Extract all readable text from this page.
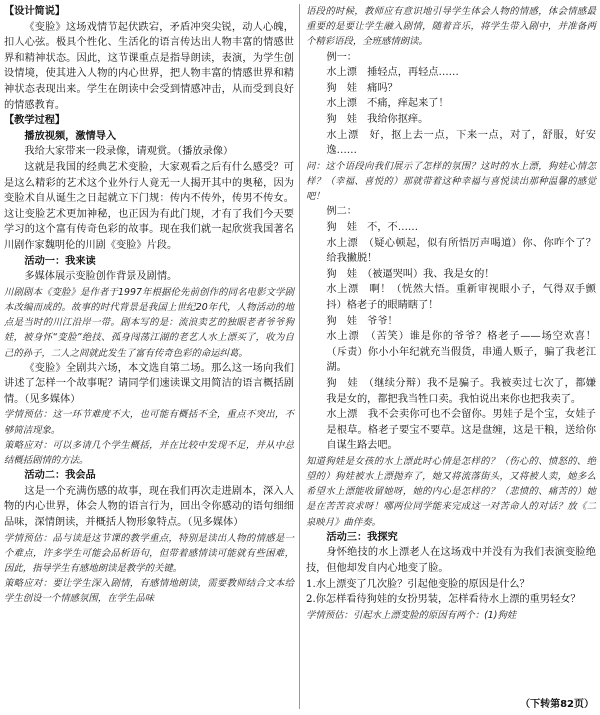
【设计简说】

《变脸》这场戏情节起伏跌宕，矛盾冲突尖锐，动人心魄，扣人心弦。极具个性化、生活化的语言传达出人物丰富的情感世界和精神状态。因此，这节课重点是指导朗读，表演，为学生创设情境，使其进入人物的内心世界，把人物丰富的情感世界和精神状态表现出来。学生在朗读中会受到情感冲击，从而受到良好的情感教育。

【教学过程】

播放视频，激情导入

我给大家带来一段录像，请观赏。（播放录像）

这就是我国的经典艺术变脸，大家观看之后有什么感受？可是这么精彩的艺术这个业外行人竟无一人揭开其中的奥秘，因为变脸术自从诞生之日起就立下门规：传内不传外，传男不传女。这让变脸艺术更加神秘，也正因为有此门规，才有了我们今天要学习的这个富有传奇色彩的故事。现在我们就一起欣赏我国著名川剧作家魏明伦的川剧《变脸》片段。

活动一：我来读

多媒体展示变脸创作背景及剧情。

川剧剧本《变脸》是作者于1997年根据伦先前创作的同名电影文学剧本改编而成的。故事的时代背景是我国上世纪20年代，人物活动的地点是当时的川江沿岸一带。剧本写的是：流浪卖艺的独眼老者爷爷狗娃，被身怀“变脸”绝技、孤身闯荡江湖的老艺人水上漂买了，收为自己的孙子，二人之间就此发生了富有传奇色彩的命运纠葛。

《变脸》全剧共六场，本文选自第二场。那么这一场向我们讲述了怎样一个故事呢？请同学们速读课文用简洁的语言概括剧情。（见多媒体）

学情预估：这一环节难度不大，也可能有概括不全，重点不突出，不够简洁现象。

策略应对：可以多请几个学生概括，并在比较中发现不足，并从中总结概括剧情的方法。

活动二：我会品

这是一个充满伤感的故事，现在我们再次走进剧本，深入人物的内心世界，体会人物的语言行为，回出令你感动的语句细细品味，深情朗读，并概括人物形象特点。（见多媒体）

学情预估：品与读是这节课的教学重点，特别是读出人物的情感是一个难点，许多学生可能会品析语句，但带着感情读可能就有些困难，因此，指导学生有感地朗读是教学的关键。

策略应对：要让学生深入剧情，有感情地朗读，需要教师结合文本给学生创设一个情感氛围，在学生品味

语段的时候，教师应有意识地引导学生体会人物的情感，体会情感最重要的是要让学生融入剧情，随着音乐，将学生带入剧中，并准备两个精彩语段，全班感情朗读。

例一：

水上漂　捶轻点，再轻点……

狗　娃　痛吗？

水上漂　不痛，痒起来了！

狗　娃　我给你抠痒。

水上漂　好，抠上去一点，下来一点，对了，舒服，好安逸……

问：这个语段向我们展示了怎样的氛围？这时的水上漂，狗娃心情怎样？（幸福、喜悦的）那就带着这种幸福与喜悦读出那种温馨的感觉吧！

例二：

狗　娃　不，不……

水上漂　（疑心顿起，似有所悟厉声喝道）你、你咋个了？给我撇脱！

狗　娃　（被逼哭叫）我、我是女的！

水上漂　啊！（恍然大悟。重新审视眼小子，气得双手颤抖）格老子的眼睛瞎了！

狗　娃　爷爷！

水上漂　（苦笑）谁是你的爷爷？格老子——场空欢喜！（斥责）你小小年纪就充当假货，串通人贩子，骗了我老江湖。

狗　娃　（继续分辩）我不是骗子。我被卖过七次了，都嫌我是女的，都把我当牲口卖。我怕说出来你也把我卖了。

水上漂　我不会卖你可也不会留你。男娃子是个宝，女娃子是根草。格老子要宝不要草。这是盘缠，这是干粮，送给你自谋生路去吧。

知道狗娃是女孩的水上漂此时心情是怎样的？（伤心的、愤怒的、绝望的）狗娃被水上漂抛弃了，她又将流落街头，又将被人卖，她多么希望水上漂能收留她呀，她的内心是怎样的？（悲愤的、痛苦的）她是在苦苦哀求呀！哪两位同学能来完成这一对苦命人的对话？放《二泉映月》曲伴奏。

活动三：我探究

身怀绝技的水上漂老人在这场戏中并没有为我们表演变脸绝技，但他却发自内心地变了脸。

1.水上漂变了几次脸？引起他变脸的原因是什么？

2.你怎样看待狗娃的女扮男装，怎样看待水上漂的重男轻女？

学情预估：引起水上漂变脸的原因有两个：(1)狗娃

（下转第82页）
